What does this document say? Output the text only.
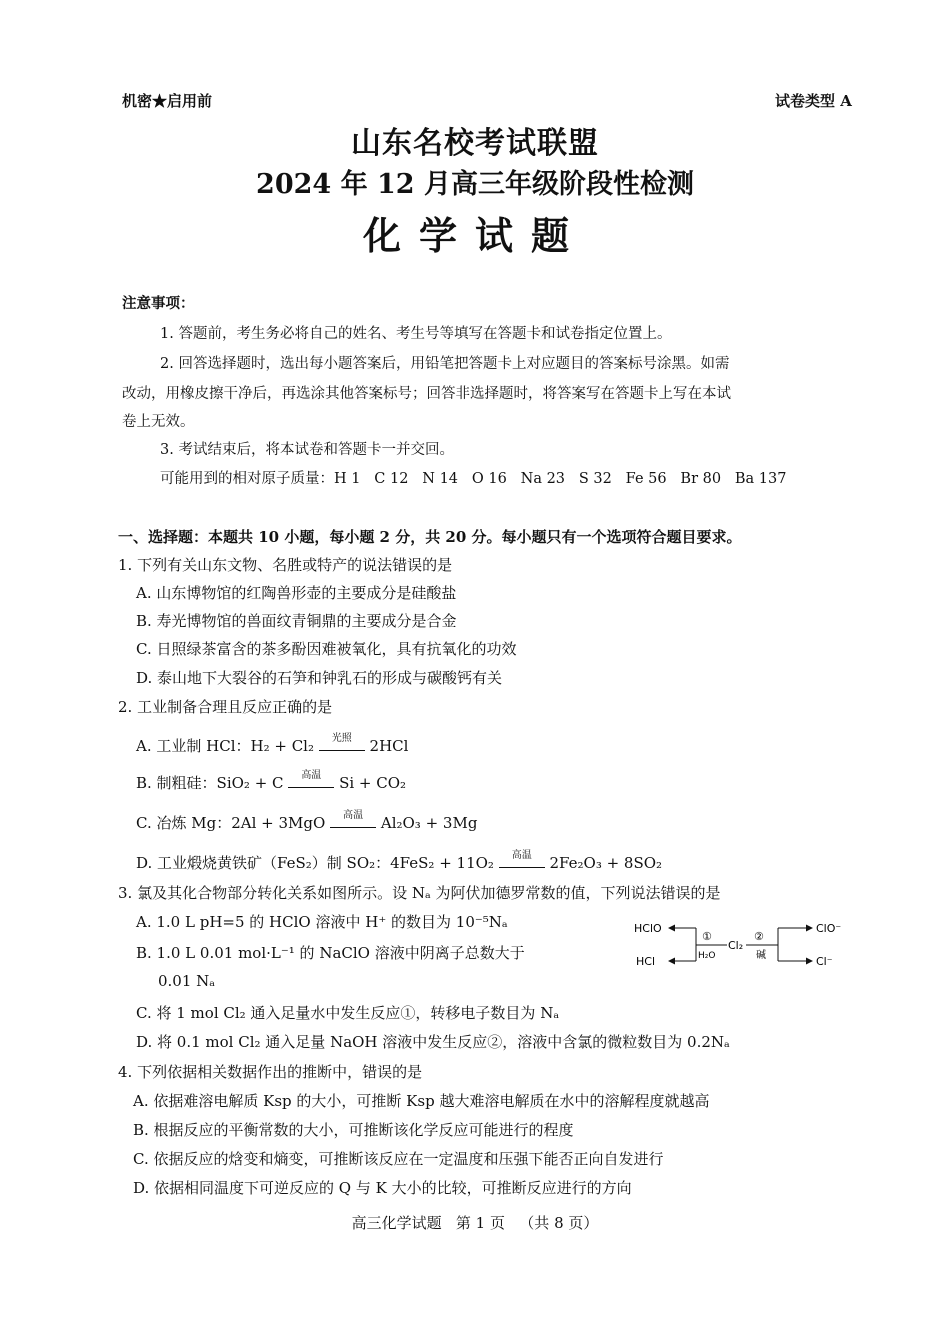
机密★启用前	试卷类型 A
山东名校考试联盟
2024 年 12 月高三年级阶段性检测
化学试题
注意事项：
1. 答题前，考生务必将自己的姓名、考生号等填写在答题卡和试卷指定位置上。
2. 回答选择题时，选出每小题答案后，用铅笔把答题卡上对应题目的答案标号涂黑。如需
改动，用橡皮擦干净后，再选涂其他答案标号；回答非选择题时，将答案写在答题卡上写在本试
卷上无效。
3. 考试结束后，将本试卷和答题卡一并交回。
可能用到的相对原子质量：H 1   C 12   N 14   O 16   Na 23   S 32   Fe 56   Br 80   Ba 137
一、选择题：本题共 10 小题，每小题 2 分，共 20 分。每小题只有一个选项符合题目要求。
1. 下列有关山东文物、名胜或特产的说法错误的是
A. 山东博物馆的红陶兽形壶的主要成分是硅酸盐
B. 寿光博物馆的兽面纹青铜鼎的主要成分是合金
C. 日照绿茶富含的茶多酚因难被氧化，具有抗氧化的功效
D. 泰山地下大裂谷的石笋和钟乳石的形成与碳酸钙有关
2. 工业制备合理且反应正确的是
A. 工业制 HCl：H₂ + Cl₂	光照	2HCl
B. 制粗硅：SiO₂ + C	高温	Si + CO₂
C. 冶炼 Mg：2Al + 3MgO	高温	Al₂O₃ + 3Mg
D. 工业煅烧黄铁矿（FeS₂）制 SO₂：4FeS₂ + 11O₂	高温	2Fe₂O₃ + 8SO₂
3. 氯及其化合物部分转化关系如图所示。设 Nₐ 为阿伏加德罗常数的值，下列说法错误的是
A. 1.0 L pH=5 的 HClO 溶液中 H⁺ 的数目为 10⁻⁵Nₐ
B. 1.0 L 0.01 mol·L⁻¹ 的 NaClO 溶液中阴离子总数大于
0.01 Nₐ
C. 将 1 mol Cl₂ 通入足量水中发生反应①，转移电子数目为 Nₐ
D. 将 0.1 mol Cl₂ 通入足量 NaOH 溶液中发生反应②，溶液中含氯的微粒数目为 0.2Nₐ
HClO
HCl
①
H₂O
Cl₂
②
碱
ClO⁻
Cl⁻
4. 下列依据相关数据作出的推断中，错误的是
A. 依据难溶电解质 Ksp 的大小，可推断 Ksp 越大难溶电解质在水中的溶解程度就越高
B. 根据反应的平衡常数的大小，可推断该化学反应可能进行的程度
C. 依据反应的焓变和熵变，可推断该反应在一定温度和压强下能否正向自发进行
D. 依据相同温度下可逆反应的 Q 与 K 大小的比较，可推断反应进行的方向
高三化学试题   第 1 页   （共 8 页）
